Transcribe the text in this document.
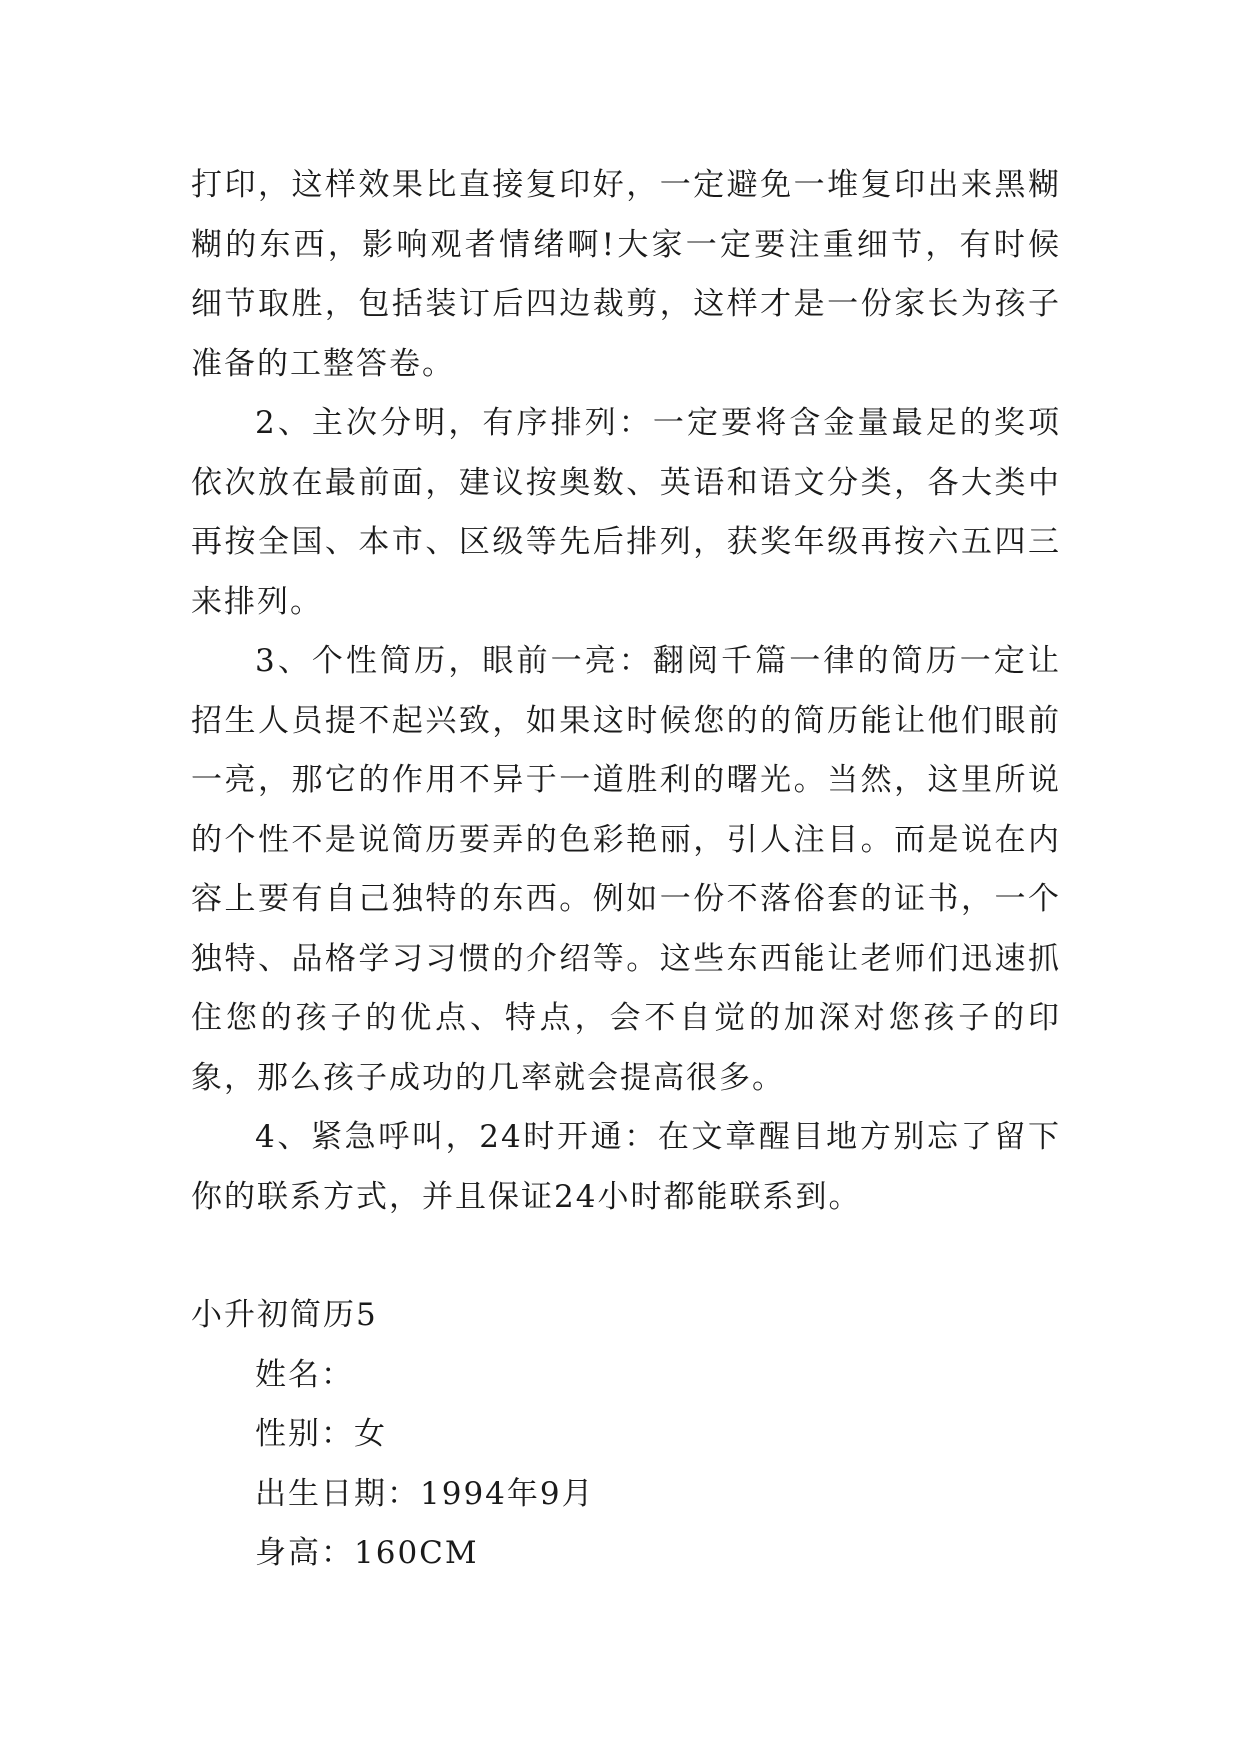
打印，这样效果比直接复印好，一定避免一堆复印出来黑糊糊的东西，影响观者情绪啊!大家一定要注重细节，有时候细节取胜，包括装订后四边裁剪，这样才是一份家长为孩子准备的工整答卷。

2、主次分明，有序排列：一定要将含金量最足的奖项依次放在最前面，建议按奥数、英语和语文分类，各大类中再按全国、本市、区级等先后排列，获奖年级再按六五四三来排列。

3、个性简历，眼前一亮：翻阅千篇一律的简历一定让招生人员提不起兴致，如果这时候您的的简历能让他们眼前一亮，那它的作用不异于一道胜利的曙光。当然，这里所说的个性不是说简历要弄的色彩艳丽，引人注目。而是说在内容上要有自己独特的东西。例如一份不落俗套的证书，一个独特、品格学习习惯的介绍等。这些东西能让老师们迅速抓住您的孩子的优点、特点，会不自觉的加深对您孩子的印象，那么孩子成功的几率就会提高很多。

4、紧急呼叫，24时开通：在文章醒目地方别忘了留下你的联系方式，并且保证24小时都能联系到。

小升初简历5
姓名：
性别：女
出生日期：1994年9月
身高：160CM
